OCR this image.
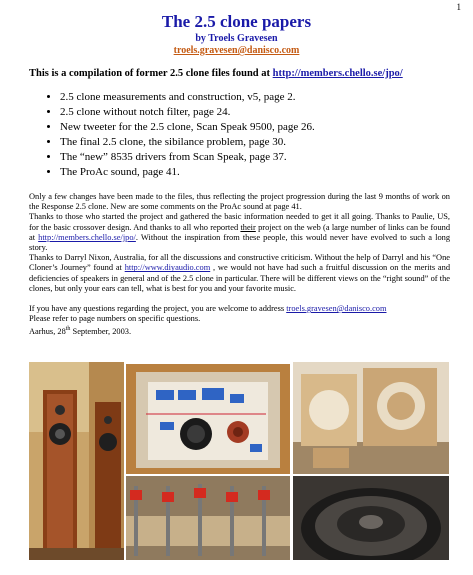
1
The 2.5 clone papers
by Troels Gravesen
troels.gravesen@danisco.com
This is a compilation of former 2.5 clone files found at http://members.chello.se/jpo/
• 2.5 clone measurements and construction, v5, page 2.
• 2.5 clone without notch filter, page 24.
• New tweeter for the 2.5 clone, Scan Speak 9500, page 26.
• The final 2.5 clone, the sibilance problem, page 30.
• The “new” 8535 drivers from Scan Speak, page 37.
• The ProAc sound, page 41.

Only a few changes have been made to the files, thus reflecting the project progression during the last 9 months of work on the Response 2.5 clone. New are some comments on the ProAc sound at page 41.

Thanks to those who started the project and gathered the basic information needed to get it all going. Thanks to Paulie, US, for the basic crossover design. And thanks to all who reported their project on the web (a large number of links can be found at http://members.chello.se/jpo/. Without the inspiration from these people, this would never have evolved to such a long story.

Thanks to Darryl Nixon, Australia, for all the discussions and constructive criticism. Without the help of Darryl and his “One Cloner’s Journey” found at http://www.diyaudio.com , we would not have had such a fruitful discussion on the merits and deficiencies of speakers in general and of the 2.5 clone in particular. There will be different views on the “right sound” of the clones, but only your ears can tell, what is best for you and your favorite music.

If you have any questions regarding the project, you are welcome to address troels.gravesen@danisco.com

Please refer to page numbers on specific questions.

Aarhus, 28th September, 2003.
